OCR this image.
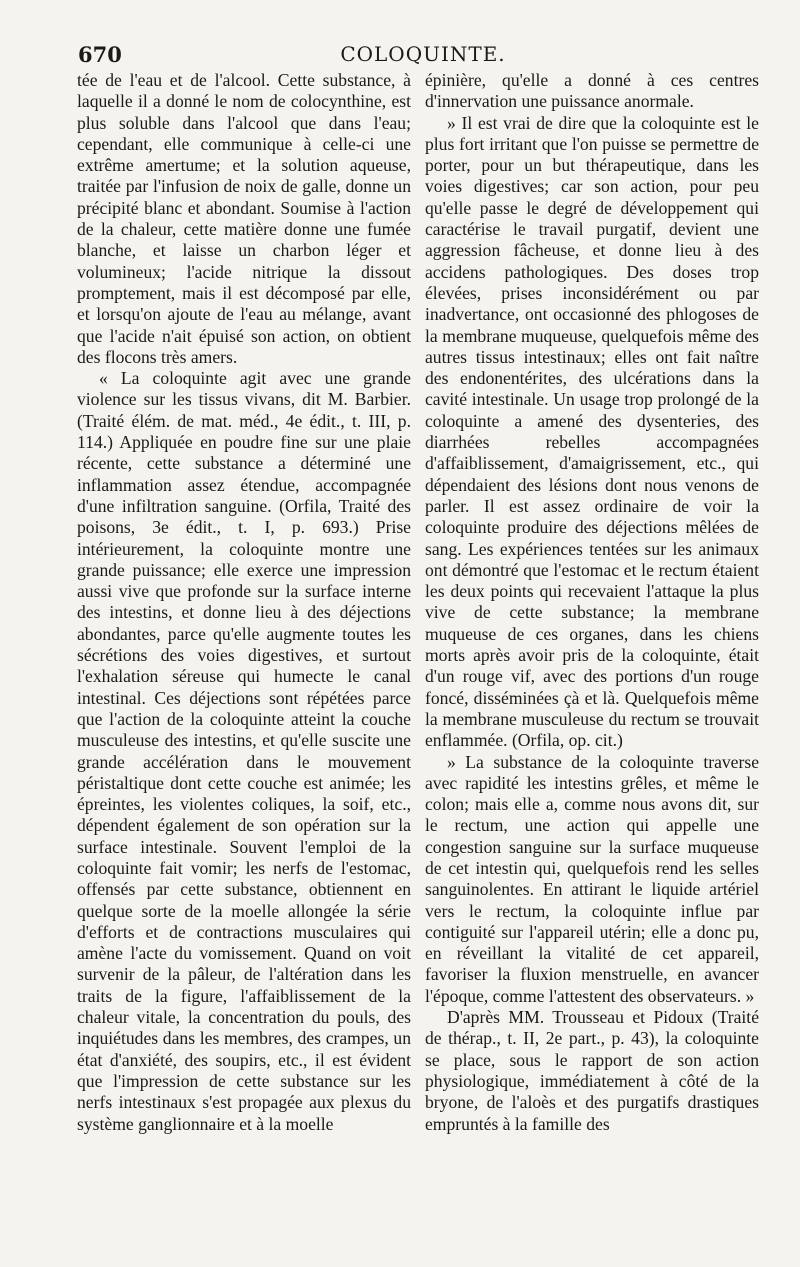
670	COLOQUINTE.

tée de l'eau et de l'alcool. Cette substance, à laquelle il a donné le nom de colocynthine, est plus soluble dans l'alcool que dans l'eau; cependant, elle communique à celle-ci une extrême amertume; et la solution aqueuse, traitée par l'infusion de noix de galle, donne un précipité blanc et abondant. Soumise à l'action de la chaleur, cette matière donne une fumée blanche, et laisse un charbon léger et volumineux; l'acide nitrique la dissout promptement, mais il est décomposé par elle, et lorsqu'on ajoute de l'eau au mélange, avant que l'acide n'ait épuisé son action, on obtient des flocons très amers.

« La coloquinte agit avec une grande violence sur les tissus vivans, dit M. Barbier. (Traité élém. de mat. méd., 4e édit., t. III, p. 114.) Appliquée en poudre fine sur une plaie récente, cette substance a déterminé une inflammation assez étendue, accompagnée d'une infiltration sanguine. (Orfila, Traité des poisons, 3e édit., t. I, p. 693.) Prise intérieurement, la coloquinte montre une grande puissance; elle exerce une impression aussi vive que profonde sur la surface interne des intestins, et donne lieu à des déjections abondantes, parce qu'elle augmente toutes les sécrétions des voies digestives, et surtout l'exhalation séreuse qui humecte le canal intestinal. Ces déjections sont répétées parce que l'action de la coloquinte atteint la couche musculeuse des intestins, et qu'elle suscite une grande accélération dans le mouvement péristaltique dont cette couche est animée; les épreintes, les violentes coliques, la soif, etc., dépendent également de son opération sur la surface intestinale. Souvent l'emploi de la coloquinte fait vomir; les nerfs de l'estomac, offensés par cette substance, obtiennent en quelque sorte de la moelle allongée la série d'efforts et de contractions musculaires qui amène l'acte du vomissement. Quand on voit survenir de la pâleur, de l'altération dans les traits de la figure, l'affaiblissement de la chaleur vitale, la concentration du pouls, des inquiétudes dans les membres, des crampes, un état d'anxiété, des soupirs, etc., il est évident que l'impression de cette substance sur les nerfs intestinaux s'est propagée aux plexus du système ganglionnaire et à la moelle

épinière, qu'elle a donné à ces centres d'innervation une puissance anormale.

» Il est vrai de dire que la coloquinte est le plus fort irritant que l'on puisse se permettre de porter, pour un but thérapeutique, dans les voies digestives; car son action, pour peu qu'elle passe le degré de développement qui caractérise le travail purgatif, devient une aggression fâcheuse, et donne lieu à des accidens pathologiques. Des doses trop élevées, prises inconsidérément ou par inadvertance, ont occasionné des phlogoses de la membrane muqueuse, quelquefois même des autres tissus intestinaux; elles ont fait naître des endonentérites, des ulcérations dans la cavité intestinale. Un usage trop prolongé de la coloquinte a amené des dysenteries, des diarrhées rebelles accompagnées d'affaiblissement, d'amaigrissement, etc., qui dépendaient des lésions dont nous venons de parler. Il est assez ordinaire de voir la coloquinte produire des déjections mêlées de sang. Les expériences tentées sur les animaux ont démontré que l'estomac et le rectum étaient les deux points qui recevaient l'attaque la plus vive de cette substance; la membrane muqueuse de ces organes, dans les chiens morts après avoir pris de la coloquinte, était d'un rouge vif, avec des portions d'un rouge foncé, disséminées çà et là. Quelquefois même la membrane musculeuse du rectum se trouvait enflammée. (Orfila, op. cit.)

» La substance de la coloquinte traverse avec rapidité les intestins grêles, et même le colon; mais elle a, comme nous avons dit, sur le rectum, une action qui appelle une congestion sanguine sur la surface muqueuse de cet intestin qui, quelquefois rend les selles sanguinolentes. En attirant le liquide artériel vers le rectum, la coloquinte influe par contiguité sur l'appareil utérin; elle a donc pu, en réveillant la vitalité de cet appareil, favoriser la fluxion menstruelle, en avancer l'époque, comme l'attestent des observateurs. »

D'après MM. Trousseau et Pidoux (Traité de thérap., t. II, 2e part., p. 43), la coloquinte se place, sous le rapport de son action physiologique, immédiatement à côté de la bryone, de l'aloès et des purgatifs drastiques empruntés à la famille des
